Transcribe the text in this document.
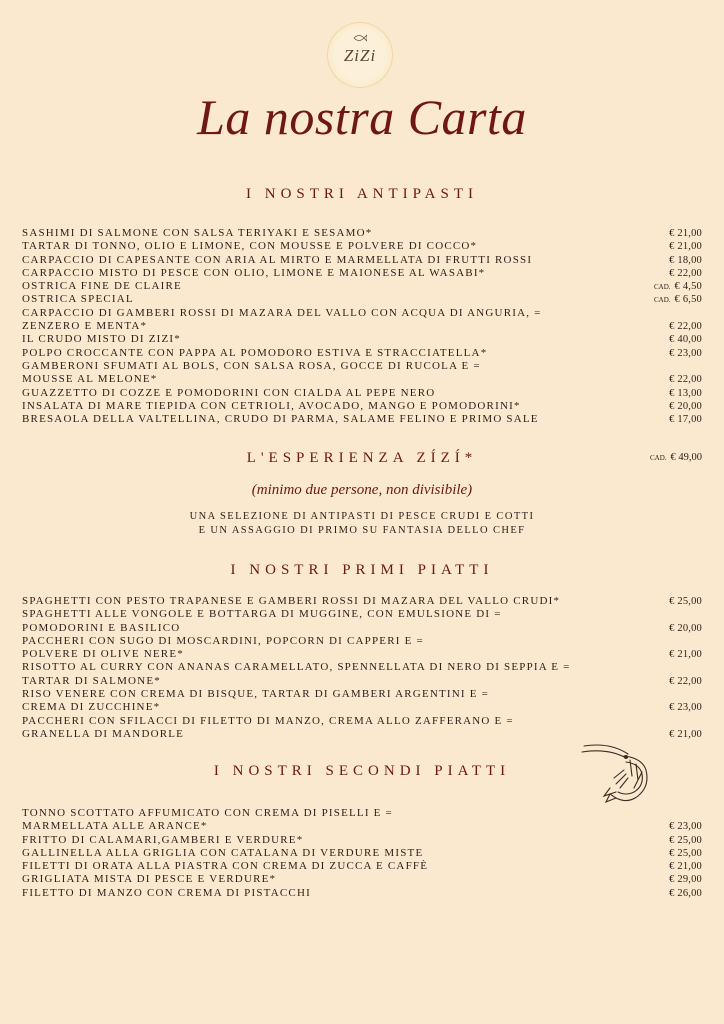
ZiZi
La nostra Carta
I NOSTRI ANTIPASTI
SASHIMI DI SALMONE CON SALSA TERIYAKI E SESAMO*	€ 21,00
TARTAR DI TONNO, OLIO E LIMONE, CON MOUSSE E POLVERE DI COCCO*	€ 21,00
CARPACCIO DI CAPESANTE CON ARIA AL MIRTO E MARMELLATA DI FRUTTI ROSSI	€ 18,00
CARPACCIO MISTO DI PESCE CON OLIO, LIMONE E MAIONESE AL WASABI*	€ 22,00
OSTRICA FINE DE CLAIRE	CAD. € 4,50
OSTRICA SPECIAL	CAD. € 6,50
CARPACCIO DI GAMBERI ROSSI DI MAZARA DEL VALLO CON ACQUA DI ANGURIA, =
ZENZERO E MENTA*	€ 22,00
IL CRUDO MISTO DI ZIZI*	€ 40,00
POLPO CROCCANTE CON PAPPA AL POMODORO ESTIVA E STRACCIATELLA*	€ 23,00
GAMBERONI SFUMATI AL BOLS, CON SALSA ROSA, GOCCE DI RUCOLA E =
MOUSSE AL MELONE*	€ 22,00
GUAZZETTO DI COZZE E POMODORINI CON CIALDA AL PEPE NERO	€ 13,00
INSALATA DI MARE TIEPIDA CON CETRIOLI, AVOCADO, MANGO E POMODORINI*	€ 20,00
BRESAOLA DELLA VALTELLINA, CRUDO DI PARMA, SALAME FELINO E PRIMO SALE	€ 17,00
L'ESPERIENZA ZÍZÍ*	CAD. € 49,00
(minimo due persone, non divisibile)
UNA SELEZIONE DI ANTIPASTI DI PESCE CRUDI E COTTI
E UN ASSAGGIO DI PRIMO SU FANTASIA DELLO CHEF
I NOSTRI PRIMI PIATTI
SPAGHETTI CON PESTO TRAPANESE E GAMBERI ROSSI DI MAZARA DEL VALLO CRUDI*	€ 25,00
SPAGHETTI ALLE VONGOLE E BOTTARGA DI MUGGINE, CON EMULSIONE DI =
POMODORINI E BASILICO	€ 20,00
PACCHERI CON SUGO DI MOSCARDINI, POPCORN DI CAPPERI E =
POLVERE DI OLIVE NERE*	€ 21,00
RISOTTO AL CURRY CON ANANAS CARAMELLATO, SPENNELLATA DI NERO DI SEPPIA E =
TARTAR DI SALMONE*	€ 22,00
RISO VENERE CON CREMA DI BISQUE, TARTAR DI GAMBERI ARGENTINI E =
CREMA DI ZUCCHINE*	€ 23,00
PACCHERI CON SFILACCI DI FILETTO DI MANZO, CREMA ALLO ZAFFERANO E =
GRANELLA DI MANDORLE	€ 21,00
I NOSTRI SECONDI PIATTI
TONNO SCOTTATO AFFUMICATO CON CREMA DI PISELLI E =
MARMELLATA ALLE ARANCE*	€ 23,00
FRITTO DI CALAMARI,GAMBERI E VERDURE*	€ 25,00
GALLINELLA ALLA GRIGLIA CON CATALANA DI VERDURE MISTE	€ 25,00
FILETTI DI ORATA ALLA PIASTRA CON CREMA DI ZUCCA E CAFFÈ	€ 21,00
GRIGLIATA MISTA DI PESCE E VERDURE*	€ 29,00
FILETTO DI MANZO CON CREMA DI PISTACCHI	€ 26,00
